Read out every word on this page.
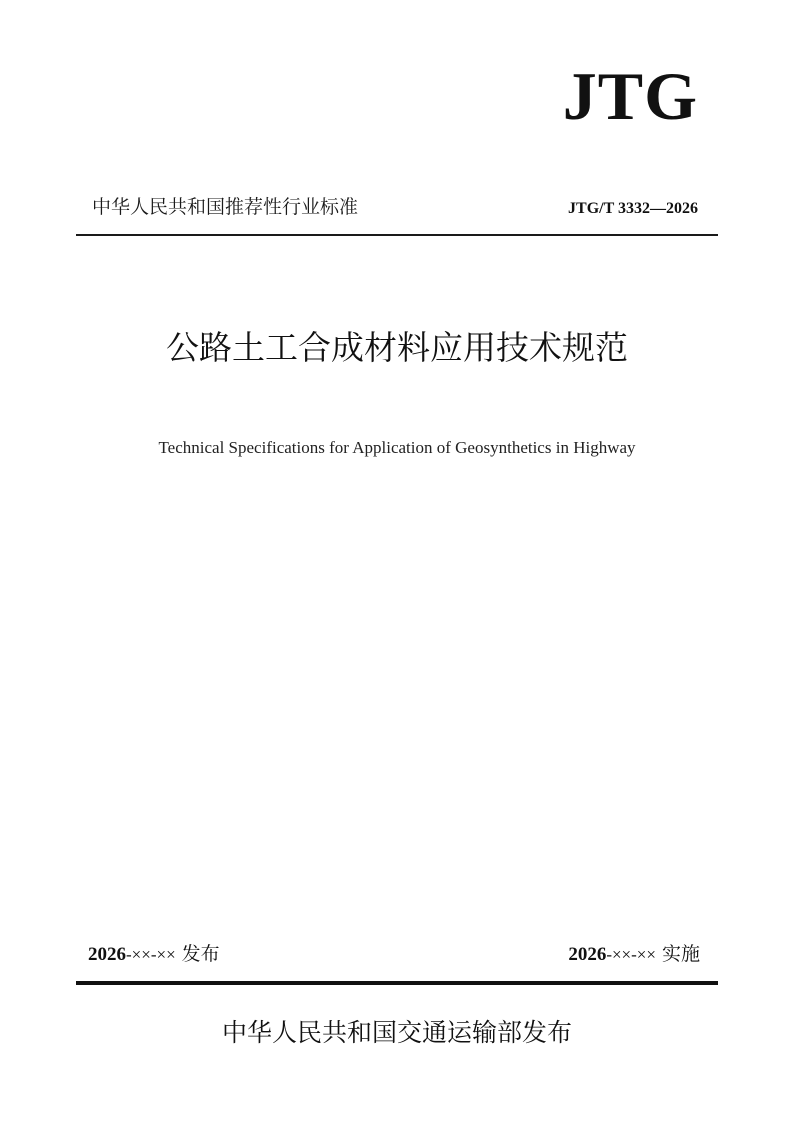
JTG
中华人民共和国推荐性行业标准	JTG/T 3332—2026
公路土工合成材料应用技术规范
Technical Specifications for Application of Geosynthetics in Highway
2026-××-×× 发布	2026-××-×× 实施
中华人民共和国交通运输部发布
